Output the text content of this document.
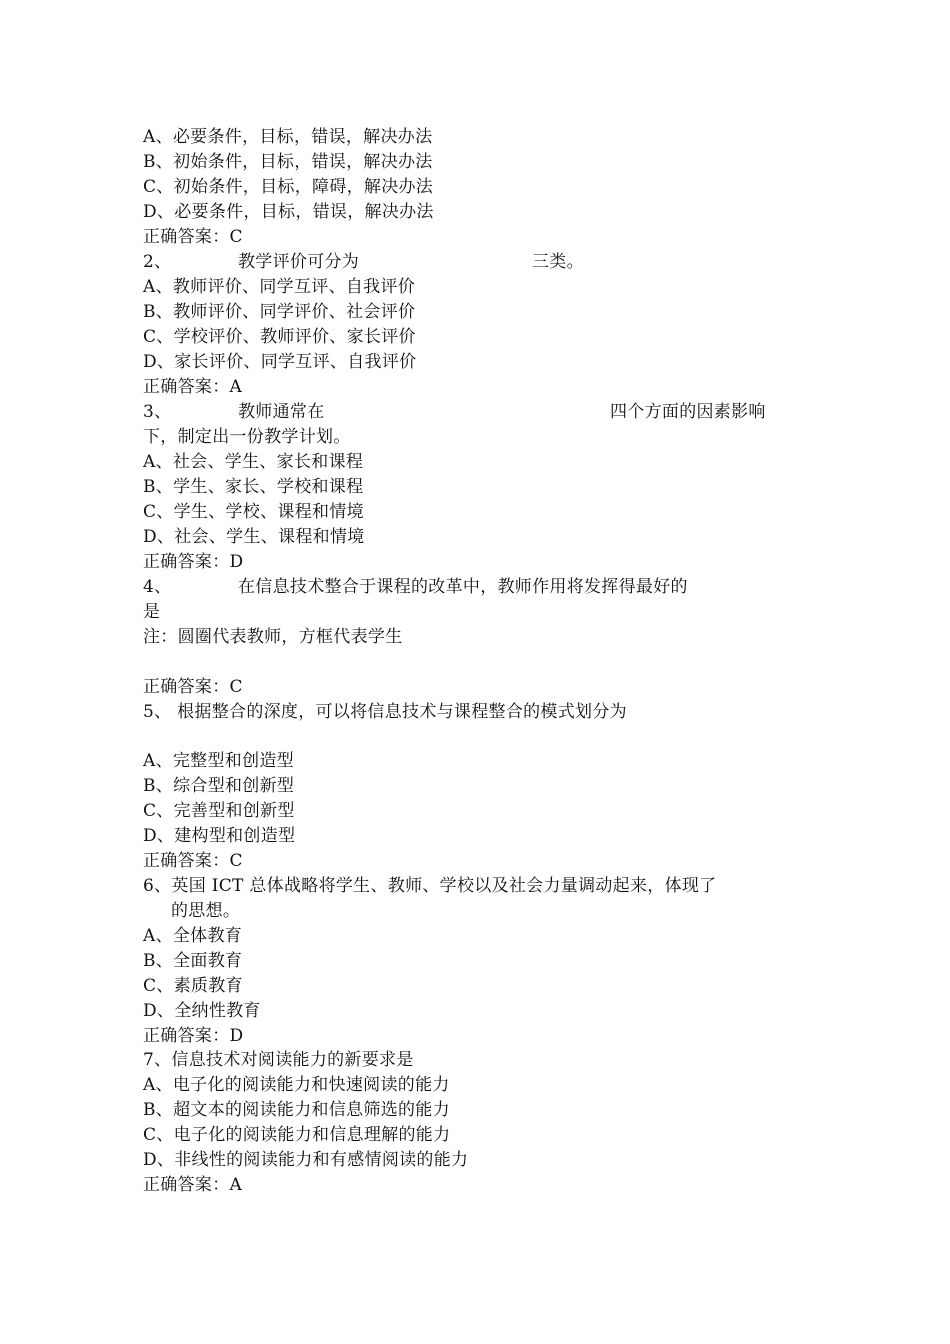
A、必要条件，目标，错误，解决办法
B、初始条件，目标，错误，解决办法
C、初始条件，目标，障碍，解决办法
D、必要条件，目标，错误，解决办法
正确答案：C
2、	教学评价可分为	三类。
A、教师评价、同学互评、自我评价
B、教师评价、同学评价、社会评价
C、学校评价、教师评价、家长评价
D、家长评价、同学互评、自我评价
正确答案：A
3、	教师通常在	四个方面的因素影响
下，制定出一份教学计划。
A、社会、学生、家长和课程
B、学生、家长、学校和课程
C、学生、学校、课程和情境
D、社会、学生、课程和情境
正确答案：D
4、	在信息技术整合于课程的改革中，教师作用将发挥得最好的
是
注：圆圈代表教师，方框代表学生
正确答案：C
5、 根据整合的深度，可以将信息技术与课程整合的模式划分为
A、完整型和创造型
B、综合型和创新型
C、完善型和创新型
D、建构型和创造型
正确答案：C
6、英国 ICT 总体战略将学生、教师、学校以及社会力量调动起来，体现了
的思想。
A、全体教育
B、全面教育
C、素质教育
D、全纳性教育
正确答案：D
7、信息技术对阅读能力的新要求是
A、电子化的阅读能力和快速阅读的能力
B、超文本的阅读能力和信息筛选的能力
C、电子化的阅读能力和信息理解的能力
D、非线性的阅读能力和有感情阅读的能力
正确答案：A
